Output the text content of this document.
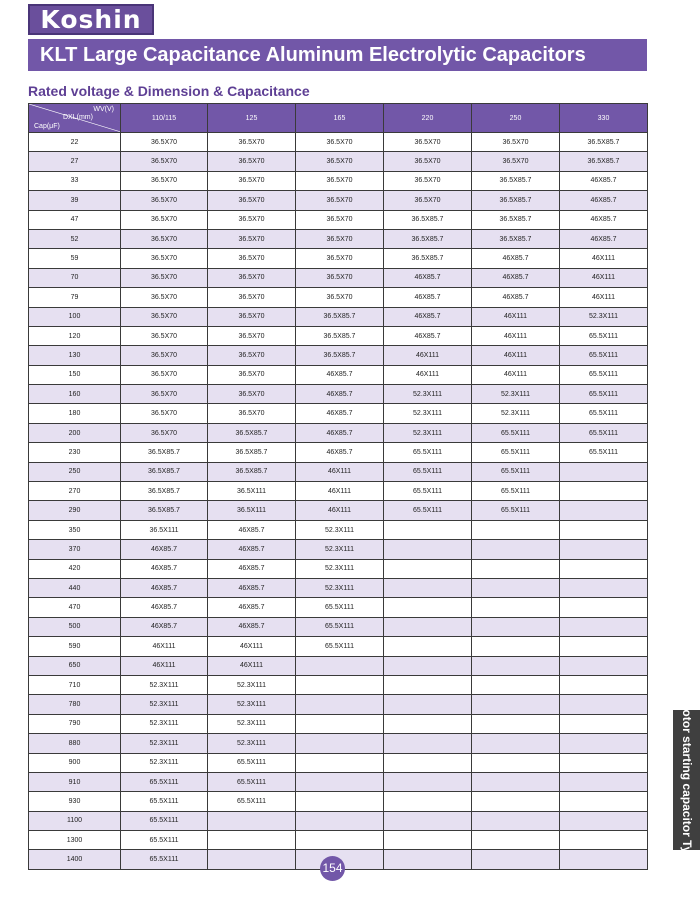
Koshin
KLT Large Capacitance Aluminum Electrolytic Capacitors
Rated voltage & Dimension & Capacitance
WV(V)
DXL(mm)
Cap(μF)	110/115	125	165	220	250	330
22	36.5X70	36.5X70	36.5X70	36.5X70	36.5X70	36.5X85.7
27	36.5X70	36.5X70	36.5X70	36.5X70	36.5X70	36.5X85.7
33	36.5X70	36.5X70	36.5X70	36.5X70	36.5X85.7	46X85.7
39	36.5X70	36.5X70	36.5X70	36.5X70	36.5X85.7	46X85.7
47	36.5X70	36.5X70	36.5X70	36.5X85.7	36.5X85.7	46X85.7
52	36.5X70	36.5X70	36.5X70	36.5X85.7	36.5X85.7	46X85.7
59	36.5X70	36.5X70	36.5X70	36.5X85.7	46X85.7	46X111
70	36.5X70	36.5X70	36.5X70	46X85.7	46X85.7	46X111
79	36.5X70	36.5X70	36.5X70	46X85.7	46X85.7	46X111
100	36.5X70	36.5X70	36.5X85.7	46X85.7	46X111	52.3X111
120	36.5X70	36.5X70	36.5X85.7	46X85.7	46X111	65.5X111
130	36.5X70	36.5X70	36.5X85.7	46X111	46X111	65.5X111
150	36.5X70	36.5X70	46X85.7	46X111	46X111	65.5X111
160	36.5X70	36.5X70	46X85.7	52.3X111	52.3X111	65.5X111
180	36.5X70	36.5X70	46X85.7	52.3X111	52.3X111	65.5X111
200	36.5X70	36.5X85.7	46X85.7	52.3X111	65.5X111	65.5X111
230	36.5X85.7	36.5X85.7	46X85.7	65.5X111	65.5X111	65.5X111
250	36.5X85.7	36.5X85.7	46X111	65.5X111	65.5X111	
270	36.5X85.7	36.5X111	46X111	65.5X111	65.5X111	
290	36.5X85.7	36.5X111	46X111	65.5X111	65.5X111	
350	36.5X111	46X85.7	52.3X111			
370	46X85.7	46X85.7	52.3X111			
420	46X85.7	46X85.7	52.3X111			
440	46X85.7	46X85.7	52.3X111			
470	46X85.7	46X85.7	65.5X111			
500	46X85.7	46X85.7	65.5X111			
590	46X111	46X111	65.5X111			
650	46X111	46X111				
710	52.3X111	52.3X111				
780	52.3X111	52.3X111				
790	52.3X111	52.3X111				
880	52.3X111	52.3X111				
900	52.3X111	65.5X111				
910	65.5X111	65.5X111				
930	65.5X111	65.5X111				
1100	65.5X111					
1300	65.5X111					
1400	65.5X111						Motor starting capacitor Typ
154
